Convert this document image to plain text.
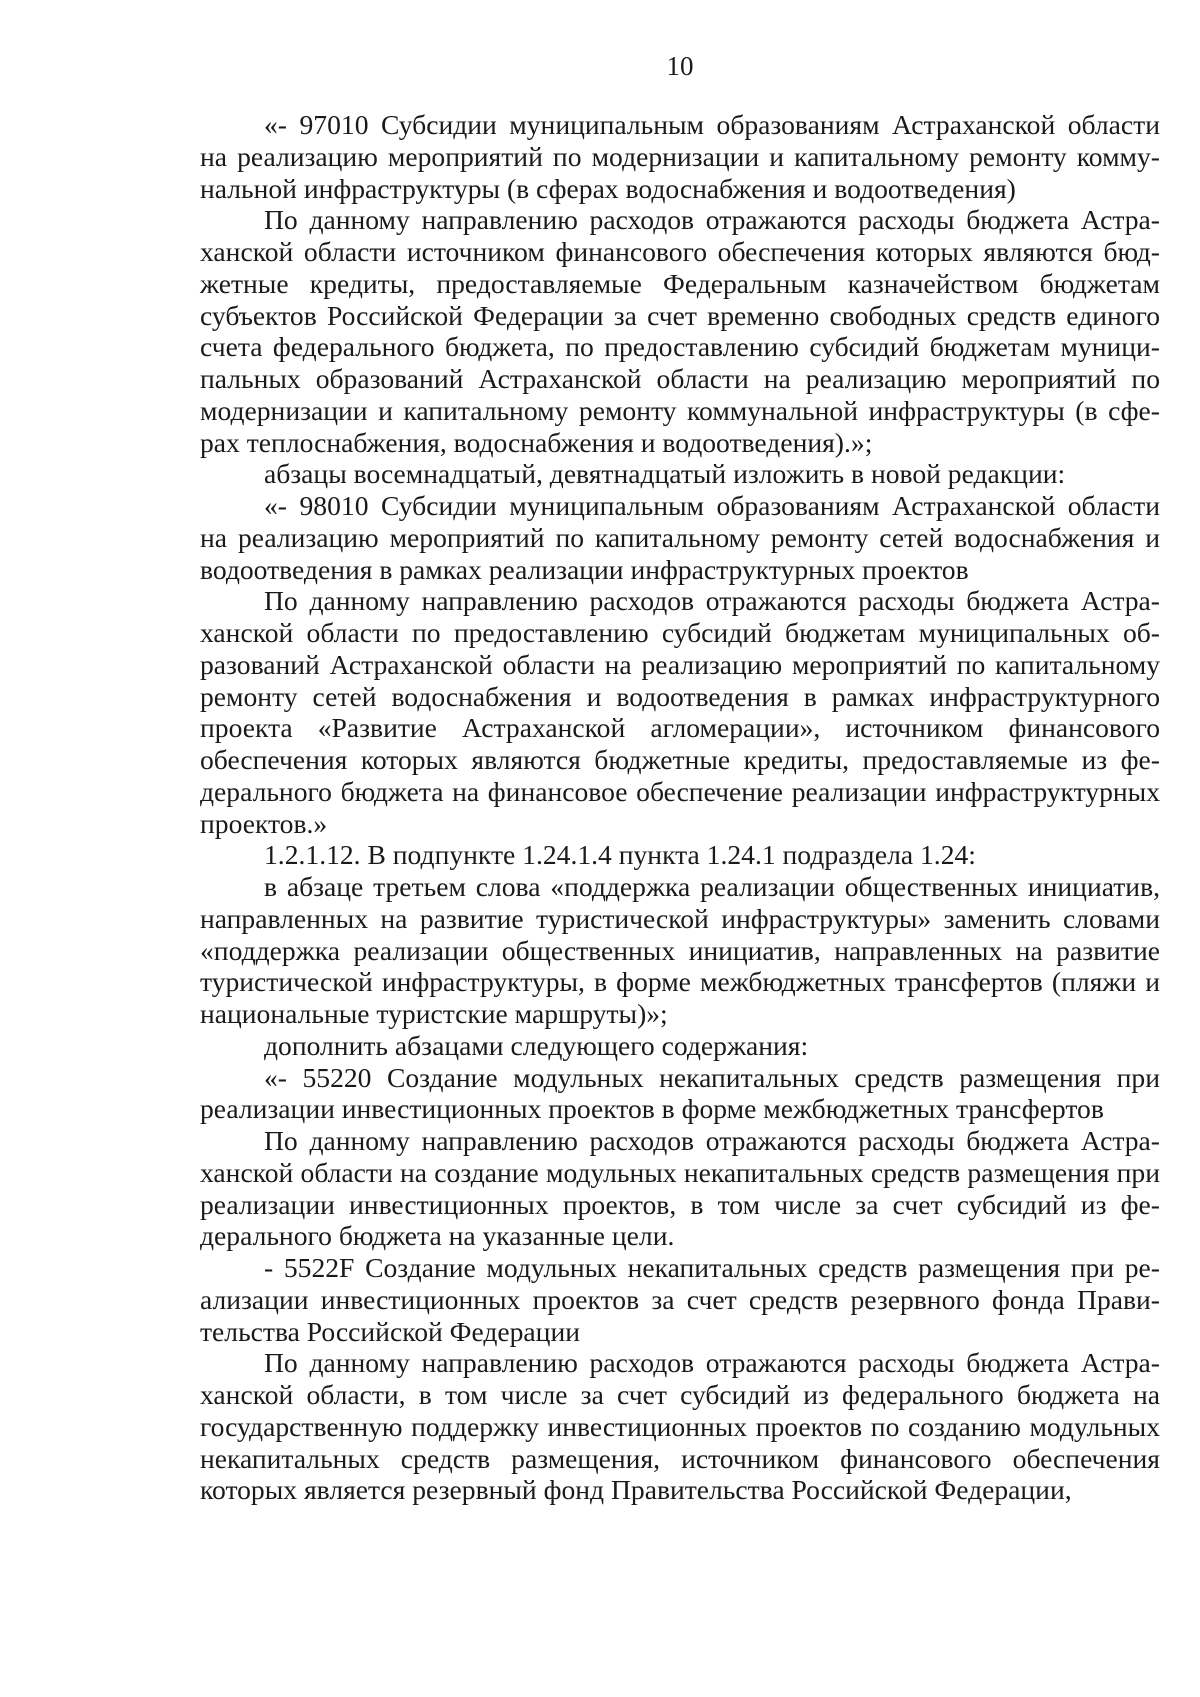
10

«- 97010 Субсидии муниципальным образованиям Астраханской области на реализацию мероприятий по модернизации и капитальному ремонту коммунальной инфраструктуры (в сферах водоснабжения и водоотведения)

По данному направлению расходов отражаются расходы бюджета Астраханской области источником финансового обеспечения которых являются бюджетные кредиты, предоставляемые Федеральным казначейством бюджетам субъектов Российской Федерации за счет временно свободных средств единого счета федерального бюджета, по предоставлению субсидий бюджетам муниципальных образований Астраханской области на реализацию мероприятий по модернизации и капитальному ремонту коммунальной инфраструктуры (в сферах теплоснабжения, водоснабжения и водоотведения).»;

абзацы восемнадцатый, девятнадцатый изложить в новой редакции:

«- 98010 Субсидии муниципальным образованиям Астраханской области на реализацию мероприятий по капитальному ремонту сетей водоснабжения и водоотведения в рамках реализации инфраструктурных проектов

По данному направлению расходов отражаются расходы бюджета Астраханской области по предоставлению субсидий бюджетам муниципальных образований Астраханской области на реализацию мероприятий по капитальному ремонту сетей водоснабжения и водоотведения в рамках инфраструктурного проекта «Развитие Астраханской агломерации», источником финансового обеспечения которых являются бюджетные кредиты, предоставляемые из федерального бюджета на финансовое обеспечение реализации инфраструктурных проектов.»

1.2.1.12. В подпункте 1.24.1.4 пункта 1.24.1 подраздела 1.24:

в абзаце третьем слова «поддержка реализации общественных инициатив, направленных на развитие туристической инфраструктуры» заменить словами «поддержка реализации общественных инициатив, направленных на развитие туристической инфраструктуры, в форме межбюджетных трансфертов (пляжи и национальные туристские маршруты)»;

дополнить абзацами следующего содержания:

«- 55220 Создание модульных некапитальных средств размещения при реализации инвестиционных проектов в форме межбюджетных трансфертов

По данному направлению расходов отражаются расходы бюджета Астраханской области на создание модульных некапитальных средств размещения при реализации инвестиционных проектов, в том числе за счет субсидий из федерального бюджета на указанные цели.

- 5522F Создание модульных некапитальных средств размещения при реализации инвестиционных проектов за счет средств резервного фонда Правительства Российской Федерации

По данному направлению расходов отражаются расходы бюджета Астраханской области, в том числе за счет субсидий из федерального бюджета на государственную поддержку инвестиционных проектов по созданию модульных некапитальных средств размещения, источником финансового обеспечения которых является резервный фонд Правительства Российской Федерации,
